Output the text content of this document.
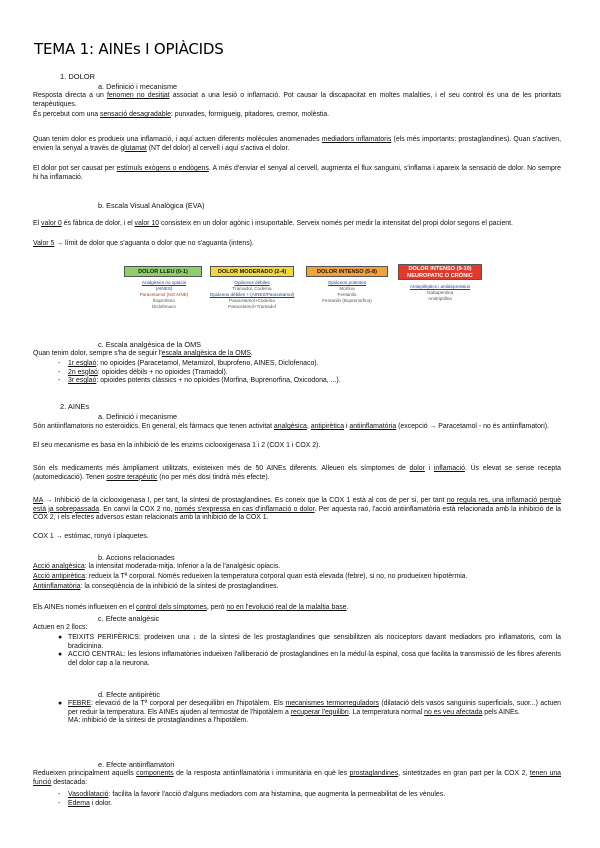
TEMA 1: AINEs I OPIÀCIDS
1. DOLOR
a. Definició i mecanisme
Resposta directa a un fenomen no desitjat associat a una lesió o inflamació. Pot causar la discapacitat en moltes malalties, i el seu control és una de les prioritats terapèutiques.
És percebut com una sensació desagradable: punxades, formigueig, pitadores, cremor, molèstia.
Quan tenim dolor es produeix una inflamació, i aquí actuen diferents molècules anomenades mediadors inflamatoris (els més importants: prostaglandines). Quan s'activen, envien la senyal a través de glutamat (NT del dolor) al cervell i aquí s'activa el dolor.
El dolor pot ser causat per estímuls exògens o endògens. A més d'enviar el senyal al cervell, augmenta el flux sanguini, s'inflama i apareix la sensació de dolor. No sempre hi ha inflamació.
b. Escala Visual Analògica (EVA)
El valor 0 és fàbrica de dolor, i el valor 10 consisteix en un dolor agònic i insuportable. Serveix només per medir la intensitat del propi dolor segons el pacient.
Valor 5 → límit de dolor que s'aguanta o dolor que no s'aguanta (intens).
DOLOR LLEU (0-1)	DOLOR MODERADO (2-4)	DOLOR INTENSO (5-8)	DOLOR INTENSO (9-10) NEUROPATIC O CRÒNIC
Analgèsics no opiacis
(AINES)
Paracetamol (NO AINE)
Ibuprofeno
Diclofenaco
Opiáceos débiles
Tramadol, Codeína
Opiáceos débiles + (AINES/Paracetamol)
Paracetamol+Codeína
Paracetamol+Tramadol
Opiáceos potentes
Morfina
Fentanilo
Fentanilo (Buprenorfina)
Antiepilèptics i antidepressius
Gabapentina
Amitriptilina
c. Escala analgèsica de la OMS
Quan tenim dolor, sempre s'ha de seguir l'escala analgèsica de la OMS.
- 1r esglaó: no opioides (Paracetamol, Metamizol, Ibuprofeno, AINES, Diclofenaco).
- 2n esglaó: opioides dèbils + no opioides (Tramadol).
- 3r esglaó: opioides potents clàssics + no opioides (Morfina, Buprenorfina, Oxicodona, ...).
2. AINEs
a. Definició i mecanisme
Són antiinflamatoris no esteroidics. En general, els fàrmacs que tenen activitat analgèsica, antipirètica i antiinflamatòria (excepció → Paracetamol - no és antiinflamatori).
El seu mecanisme es basa en la inhibició de les enzims ciclooxigenasa 1 i 2 (COX 1 i COX 2).
Són els medicaments més àmpliament utilitzats, existeixen més de 50 AINEs diferents. Alleuen els símptomes de dolor i inflamació. Ús elevat se sense recepta (automedicació). Tenen sostre terapèutic (no per més dosi tindrà més efecte).
MA → Inhibició de la ciclooxigenasa I, per tant, la síntesi de prostaglandines. Es coneix que la COX 1 està al cos de per si, per tant no regula res, una inflamació perquè està ja sobrepassada. En canvi la COX 2 no, només s'expressa en cas d'inflamació o dolor. Per aquesta raó, l'acció antiinflamatòria està relacionada amb la inhibició de la COX 2, i els efectes adversos estan relacionats amb la inhibició de la COX 1.
COX 1 → estómac, ronyó i plaquetes.
b. Accions relacionades
Acció analgèsica: la intensitat moderada-mitja. Inferior a la de l'analgèsic opiacis.
Acció antipirètica: redueix la Tª corporal. Només redueixen la temperatura corporal quan està elevada (febre), si no, no produeixen hipotèrmia.
Antiinflamatòria: la conseqüència de la inhibició de la síntesi de prostaglandines.
Els AINEs només influeixen en el control dels símptomes, però no en l'evolució real de la malaltia base.
c. Efecte analgèsic
Actuen en 2 llocs:
● TEIXITS PERIFÈRICS: prodeixen una ↓ de la síntesi de les prostaglandines que sensibilitzen als nociceptors davant mediadors pro inflamatoris, com la bradicinina.
● ACCIÓ CENTRAL: les lesions inflamatòries indueixen l'alliberació de prostaglandines en la médul·la espinal, cosa que facilita la transmissió de les fibres aferents del dolor cap a la neurona.
d. Efecte antipirètic
● FEBRE: elevació de la Tª corporal per desequilibri en l'hipotàlem. Els mecanismes termorreguladors (dilatació dels vasos sanguinis superficials, suor...) actuen per reduir la temperatura. Els AINEs ajuden al termostat de l'hipotàlem a recuperar l'equilibri. La temperatura normal no es veu afectada pels AINEs.
MA: inhibició de la síntesi de prostaglandines a l'hipotàlem.
e. Efecte antiinflamatori
Redueixen principalment aquells components de la resposta antiinflamatòria i immunitària en què les prostaglandines, sintetitzades en gran part per la COX 2, tenen una funció destacada:
- Vasodilatació: facilita la favorir l'acció d'alguns mediadors com ara histamina, que augmenta la permeabilitat de les vènules.
- Edema i dolor.
